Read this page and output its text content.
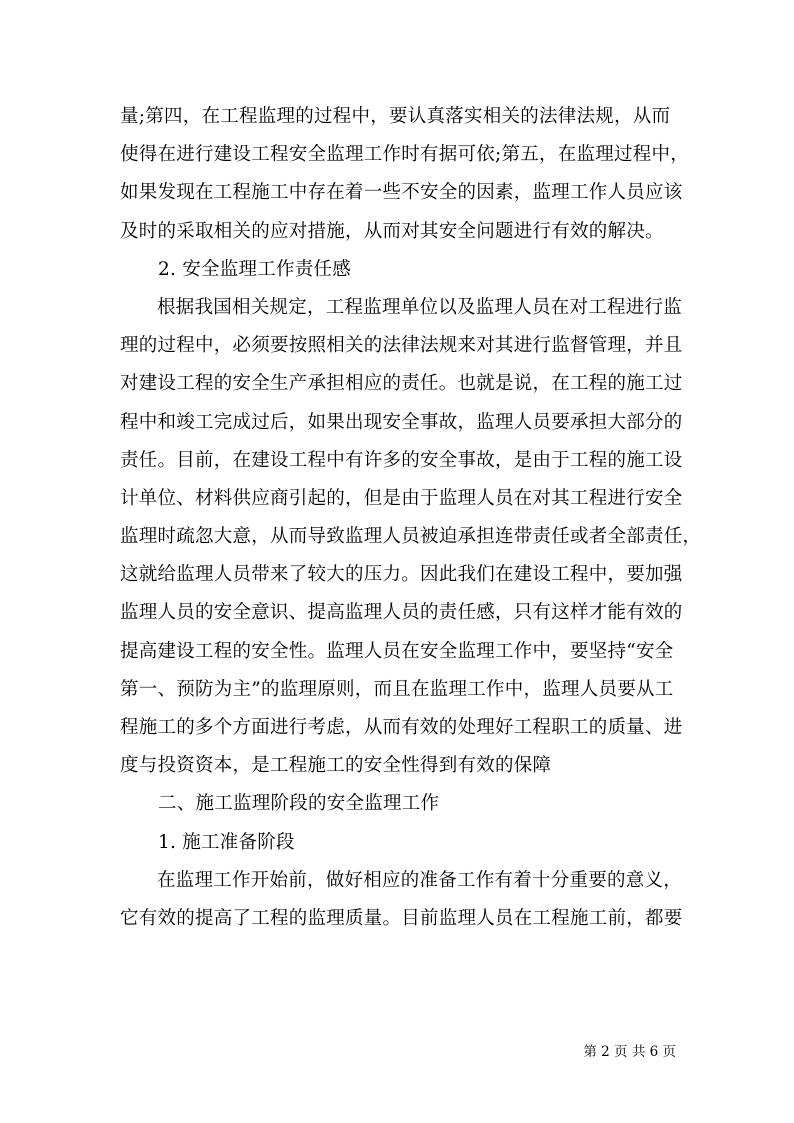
量;第四，在工程监理的过程中，要认真落实相关的法律法规，从而
使得在进行建设工程安全监理工作时有据可依;第五，在监理过程中，
如果发现在工程施工中存在着一些不安全的因素，监理工作人员应该
及时的采取相关的应对措施，从而对其安全问题进行有效的解决。
2. 安全监理工作责任感
根据我国相关规定，工程监理单位以及监理人员在对工程进行监
理的过程中，必须要按照相关的法律法规来对其进行监督管理，并且
对建设工程的安全生产承担相应的责任。也就是说，在工程的施工过
程中和竣工完成过后，如果出现安全事故，监理人员要承担大部分的
责任。目前，在建设工程中有许多的安全事故，是由于工程的施工设
计单位、材料供应商引起的，但是由于监理人员在对其工程进行安全
监理时疏忽大意，从而导致监理人员被迫承担连带责任或者全部责任，
这就给监理人员带来了较大的压力。因此我们在建设工程中，要加强
监理人员的安全意识、提高监理人员的责任感，只有这样才能有效的
提高建设工程的安全性。监理人员在安全监理工作中，要坚持“安全
第一、预防为主”的监理原则，而且在监理工作中，监理人员要从工
程施工的多个方面进行考虑，从而有效的处理好工程职工的质量、进
度与投资资本，是工程施工的安全性得到有效的保障
二、施工监理阶段的安全监理工作
1. 施工准备阶段
在监理工作开始前，做好相应的准备工作有着十分重要的意义，
它有效的提高了工程的监理质量。目前监理人员在工程施工前，都要
第 2 页 共 6 页
